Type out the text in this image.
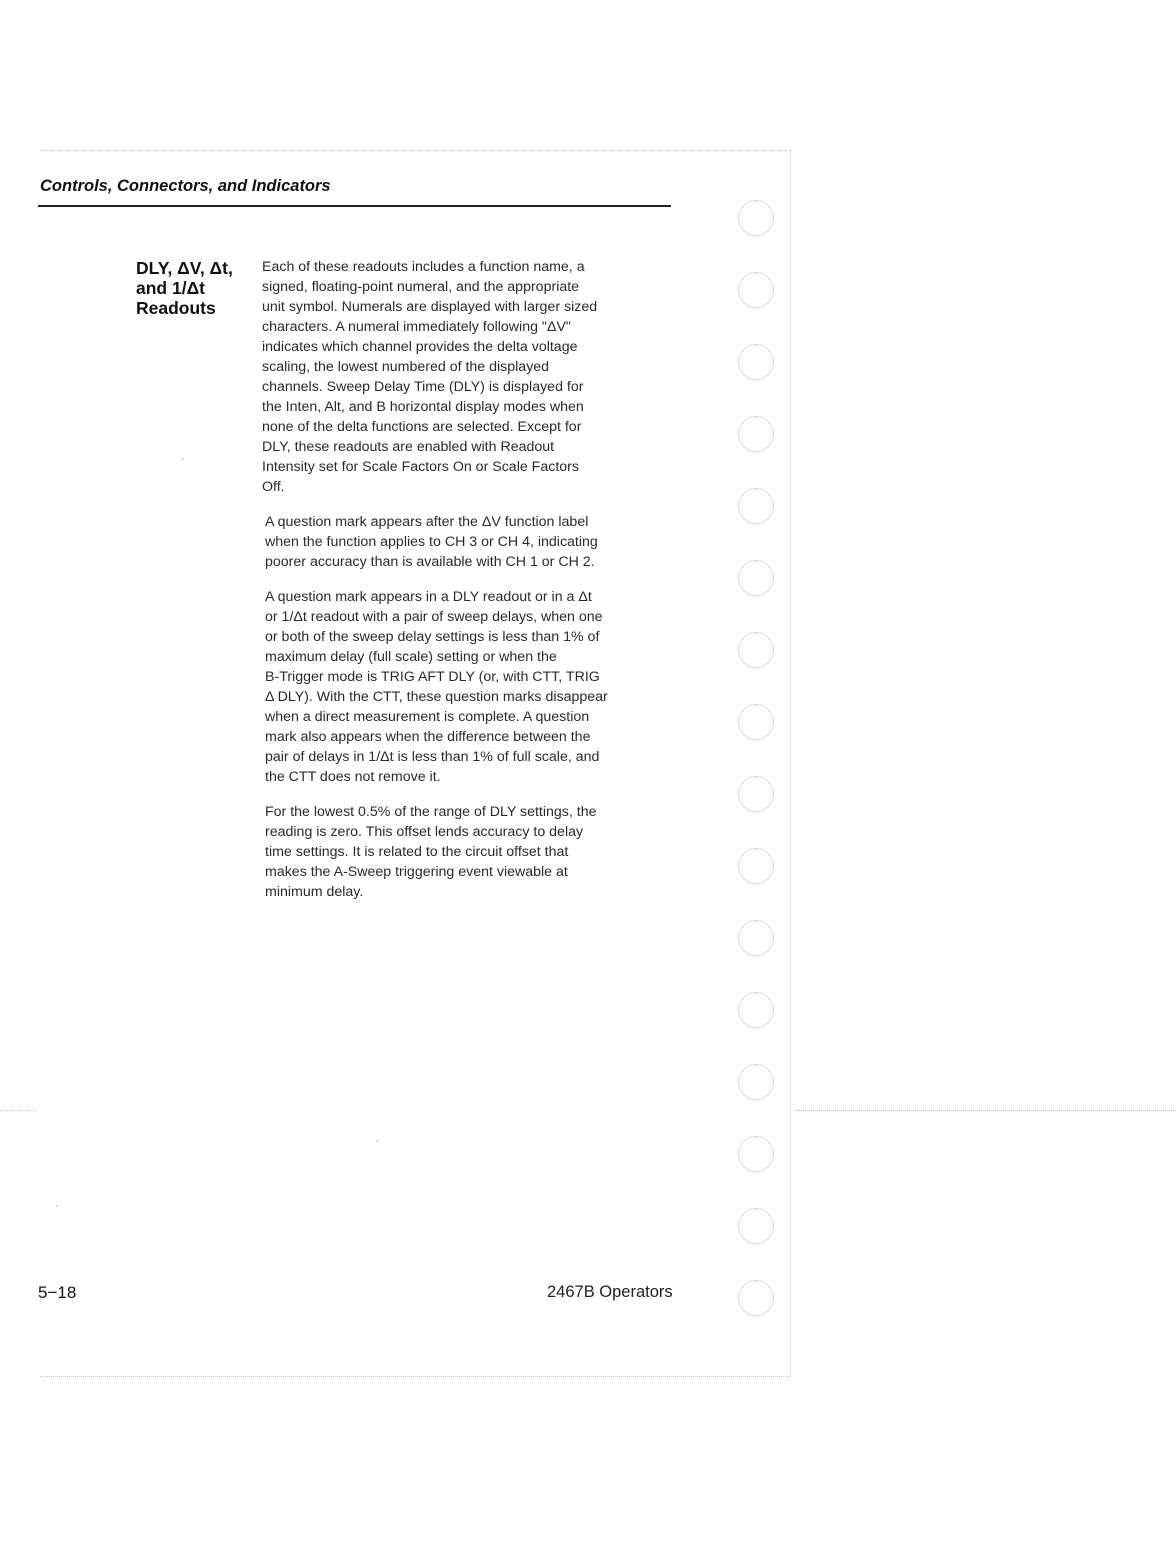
Controls, Connectors, and Indicators
DLY, ΔV, Δt,
and 1/Δt
Readouts

Each of these readouts includes a function name, a
signed, floating-point numeral, and the appropriate
unit symbol. Numerals are displayed with larger sized
characters. A numeral immediately following "ΔV"
indicates which channel provides the delta voltage
scaling, the lowest numbered of the displayed
channels. Sweep Delay Time (DLY) is displayed for
the Inten, Alt, and B horizontal display modes when
none of the delta functions are selected. Except for
DLY, these readouts are enabled with Readout
Intensity set for Scale Factors On or Scale Factors
Off.

A question mark appears after the ΔV function label
when the function applies to CH 3 or CH 4, indicating
poorer accuracy than is available with CH 1 or CH 2.

A question mark appears in a DLY readout or in a Δt
or 1/Δt readout with a pair of sweep delays, when one
or both of the sweep delay settings is less than 1% of
maximum delay (full scale) setting or when the
B-Trigger mode is TRIG AFT DLY (or, with CTT, TRIG
Δ DLY). With the CTT, these question marks disappear
when a direct measurement is complete. A question
mark also appears when the difference between the
pair of delays in 1/Δt is less than 1% of full scale, and
the CTT does not remove it.

For the lowest 0.5% of the range of DLY settings, the
reading is zero. This offset lends accuracy to delay
time settings. It is related to the circuit offset that
makes the A-Sweep triggering event viewable at
minimum delay.

5−18	2467B Operators
